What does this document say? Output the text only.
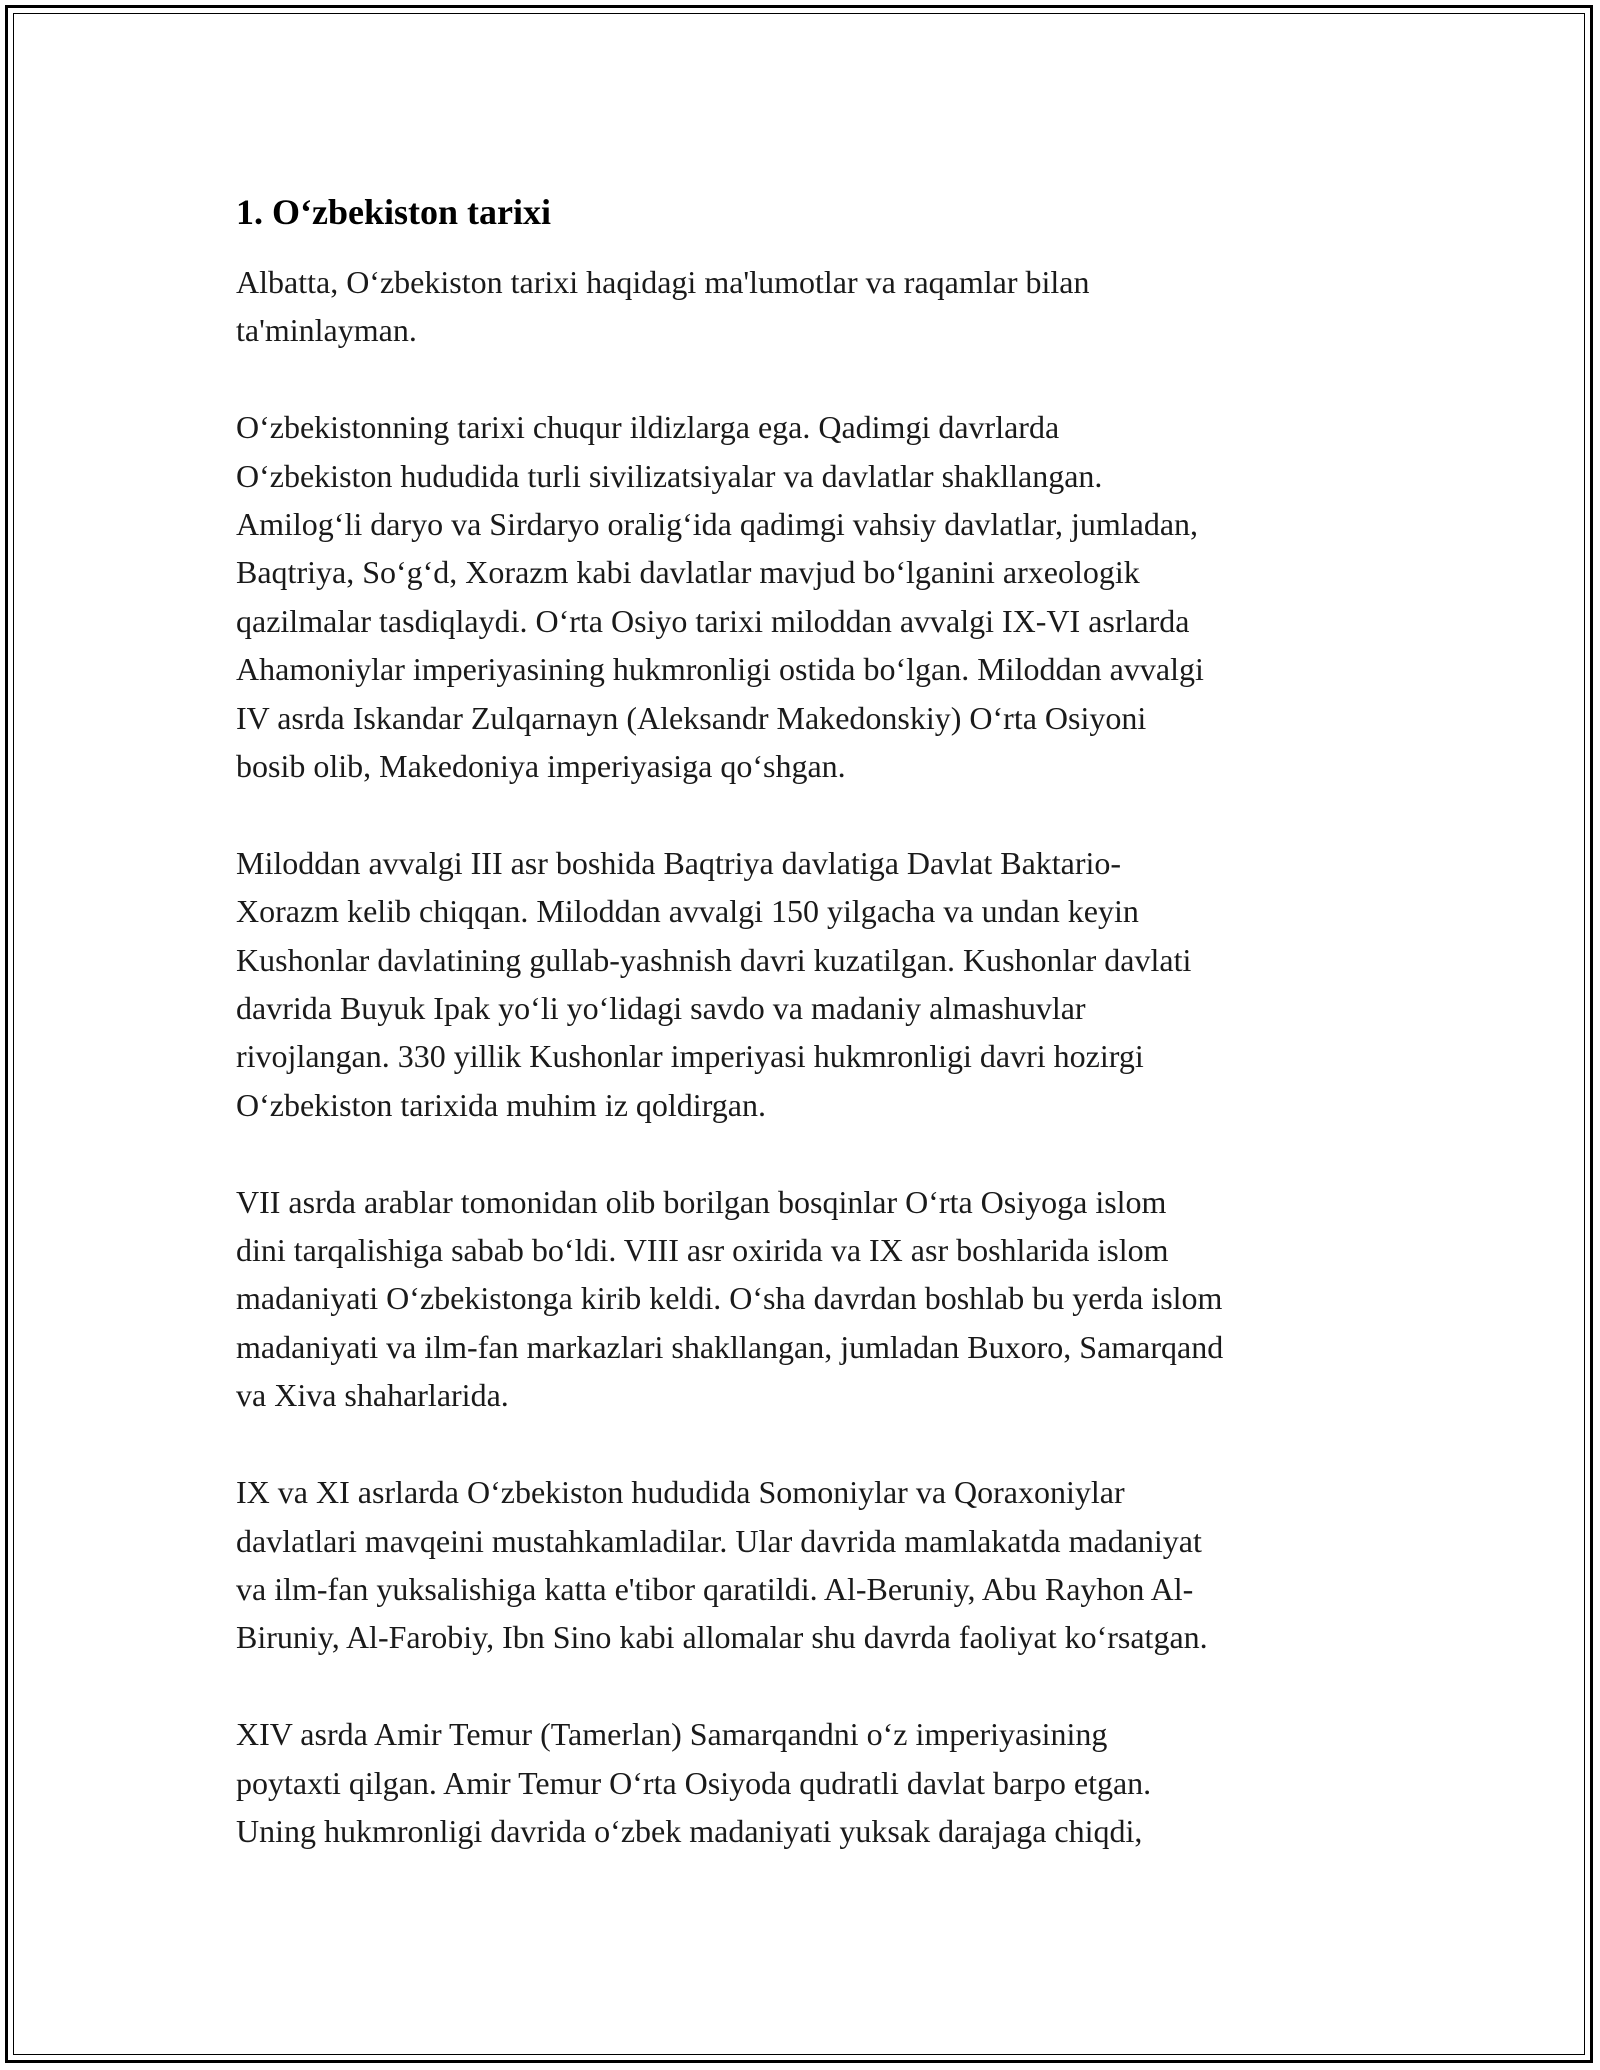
1. O‘zbekiston tarixi

Albatta, O‘zbekiston tarixi haqidagi ma'lumotlar va raqamlar bilan
ta'minlayman.

O‘zbekistonning tarixi chuqur ildizlarga ega. Qadimgi davrlarda
O‘zbekiston hududida turli sivilizatsiyalar va davlatlar shakllangan.
Amilog‘li daryo va Sirdaryo oralig‘ida qadimgi vahsiy davlatlar, jumladan,
Baqtriya, So‘g‘d, Xorazm kabi davlatlar mavjud bo‘lganini arxeologik
qazilmalar tasdiqlaydi. O‘rta Osiyo tarixi miloddan avvalgi IX-VI asrlarda
Ahamoniylar imperiyasining hukmronligi ostida bo‘lgan. Miloddan avvalgi
IV asrda Iskandar Zulqarnayn (Aleksandr Makedonskiy) O‘rta Osiyoni
bosib olib, Makedoniya imperiyasiga qo‘shgan.

Miloddan avvalgi III asr boshida Baqtriya davlatiga Davlat Baktario-
Xorazm kelib chiqqan. Miloddan avvalgi 150 yilgacha va undan keyin
Kushonlar davlatining gullab-yashnish davri kuzatilgan. Kushonlar davlati
davrida Buyuk Ipak yo‘li yo‘lidagi savdo va madaniy almashuvlar
rivojlangan. 330 yillik Kushonlar imperiyasi hukmronligi davri hozirgi
O‘zbekiston tarixida muhim iz qoldirgan.

VII asrda arablar tomonidan olib borilgan bosqinlar O‘rta Osiyoga islom
dini tarqalishiga sabab bo‘ldi. VIII asr oxirida va IX asr boshlarida islom
madaniyati O‘zbekistonga kirib keldi. O‘sha davrdan boshlab bu yerda islom
madaniyati va ilm-fan markazlari shakllangan, jumladan Buxoro, Samarqand
va Xiva shaharlarida.

IX va XI asrlarda O‘zbekiston hududida Somoniylar va Qoraxoniylar
davlatlari mavqeini mustahkamladilar. Ular davrida mamlakatda madaniyat
va ilm-fan yuksalishiga katta e'tibor qaratildi. Al-Beruniy, Abu Rayhon Al-
Biruniy, Al-Farobiy, Ibn Sino kabi allomalar shu davrda faoliyat ko‘rsatgan.

XIV asrda Amir Temur (Tamerlan) Samarqandni o‘z imperiyasining
poytaxti qilgan. Amir Temur O‘rta Osiyoda qudratli davlat barpo etgan.
Uning hukmronligi davrida o‘zbek madaniyati yuksak darajaga chiqdi,
